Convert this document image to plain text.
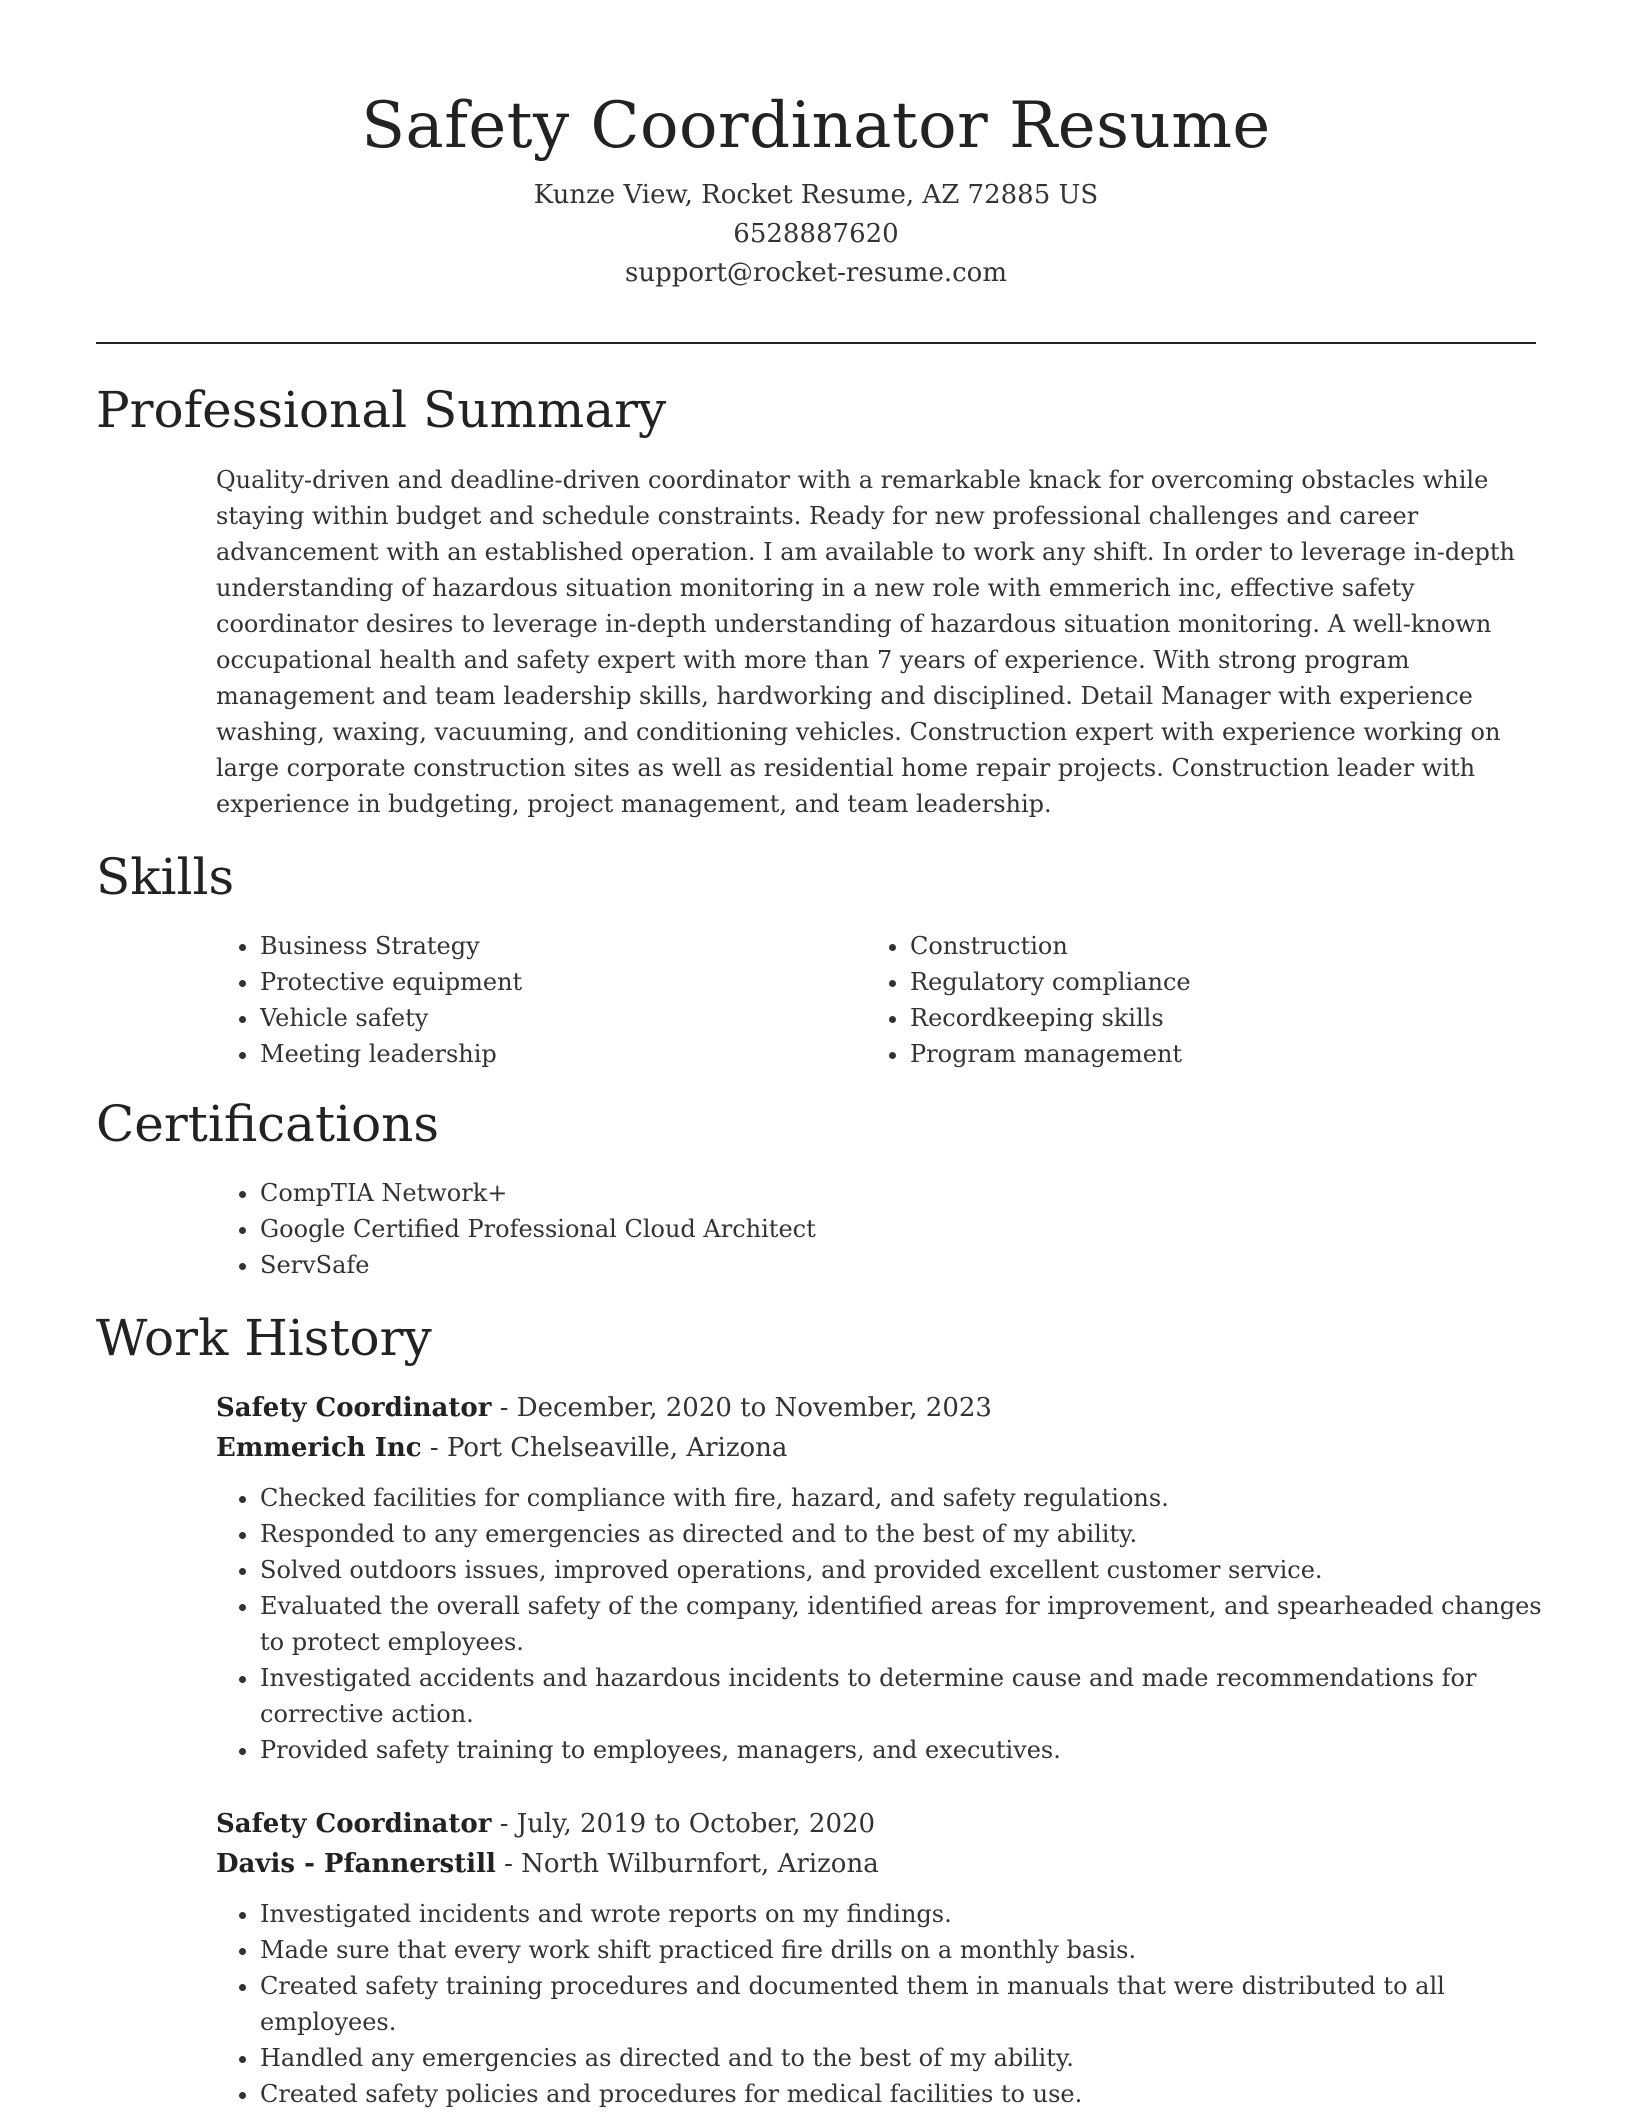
Safety Coordinator Resume
Kunze View, Rocket Resume, AZ 72885 US
6528887620
support@rocket-resume.com
Professional Summary

Quality-driven and deadline-driven coordinator with a remarkable knack for overcoming obstacles while staying within budget and schedule constraints. Ready for new professional challenges and career advancement with an established operation. I am available to work any shift. In order to leverage in-depth understanding of hazardous situation monitoring in a new role with emmerich inc, effective safety coordinator desires to leverage in-depth understanding of hazardous situation monitoring. A well-known occupational health and safety expert with more than 7 years of experience. With strong program management and team leadership skills, hardworking and disciplined. Detail Manager with experience washing, waxing, vacuuming, and conditioning vehicles. Construction expert with experience working on large corporate construction sites as well as residential home repair projects. Construction leader with experience in budgeting, project management, and team leadership.

Skills
• Business Strategy
• Protective equipment
• Vehicle safety
• Meeting leadership
• Construction
• Regulatory compliance
• Recordkeeping skills
• Program management
Certifications
• CompTIA Network+
• Google Certified Professional Cloud Architect
• ServSafe
Work History
Safety Coordinator - December, 2020 to November, 2023
Emmerich Inc - Port Chelseaville, Arizona
• Checked facilities for compliance with fire, hazard, and safety regulations.
• Responded to any emergencies as directed and to the best of my ability.
• Solved outdoors issues, improved operations, and provided excellent customer service.
• Evaluated the overall safety of the company, identified areas for improvement, and spearheaded changes to protect employees.
• Investigated accidents and hazardous incidents to determine cause and made recommendations for corrective action.
• Provided safety training to employees, managers, and executives.
Safety Coordinator - July, 2019 to October, 2020
Davis - Pfannerstill - North Wilburnfort, Arizona
• Investigated incidents and wrote reports on my findings.
• Made sure that every work shift practiced fire drills on a monthly basis.
• Created safety training procedures and documented them in manuals that were distributed to all employees.
• Handled any emergencies as directed and to the best of my ability.
• Created safety policies and procedures for medical facilities to use.
